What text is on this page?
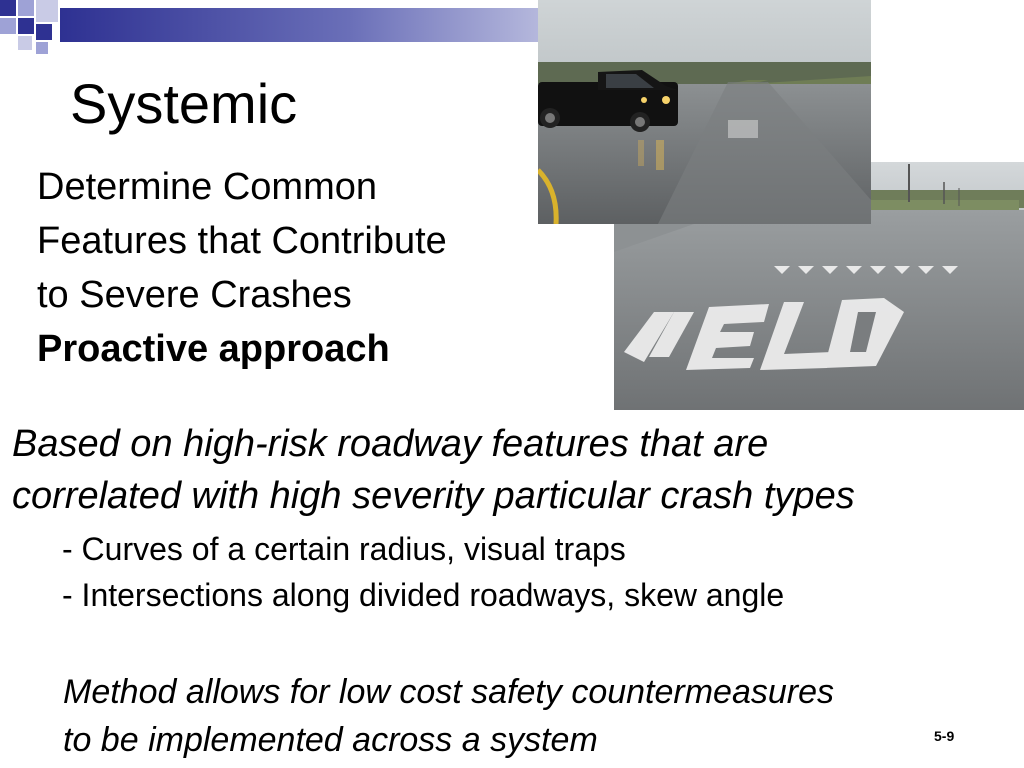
Systemic
Determine Common
Features that Contribute
to Severe Crashes
Proactive approach
Based on high-risk roadway features that are
correlated with high severity particular crash types
- Curves of a certain radius, visual traps
- Intersections along divided roadways, skew angle
Method allows for low cost safety countermeasures
to be implemented across a system	5-9
